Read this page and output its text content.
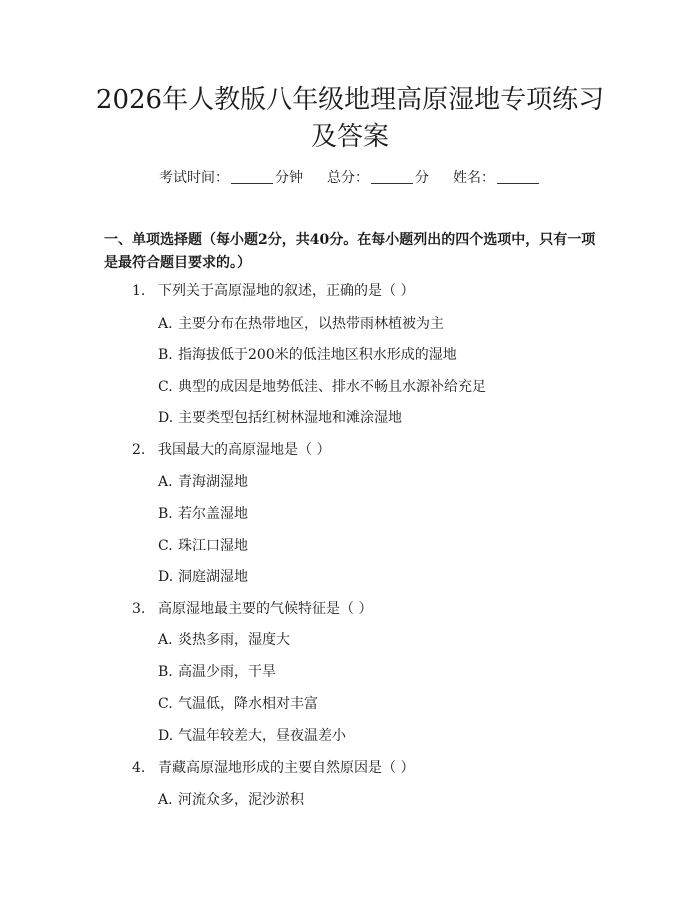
2026年人教版八年级地理高原湿地专项练习
及答案
考试时间：	分钟 总分：	分 姓名：
一、单项选择题（每小题2分，共40分。在每小题列出的四个选项中，只有一项
是最符合题目要求的。）
1. 下列关于高原湿地的叙述，正确的是（ ）
A. 主要分布在热带地区，以热带雨林植被为主
B. 指海拔低于200米的低洼地区积水形成的湿地
C. 典型的成因是地势低洼、排水不畅且水源补给充足
D. 主要类型包括红树林湿地和滩涂湿地
2. 我国最大的高原湿地是（ ）
A. 青海湖湿地
B. 若尔盖湿地
C. 珠江口湿地
D. 洞庭湖湿地
3. 高原湿地最主要的气候特征是（ ）
A. 炎热多雨，湿度大
B. 高温少雨，干旱
C. 气温低，降水相对丰富
D. 气温年较差大，昼夜温差小
4. 青藏高原湿地形成的主要自然原因是（ ）
A. 河流众多，泥沙淤积
